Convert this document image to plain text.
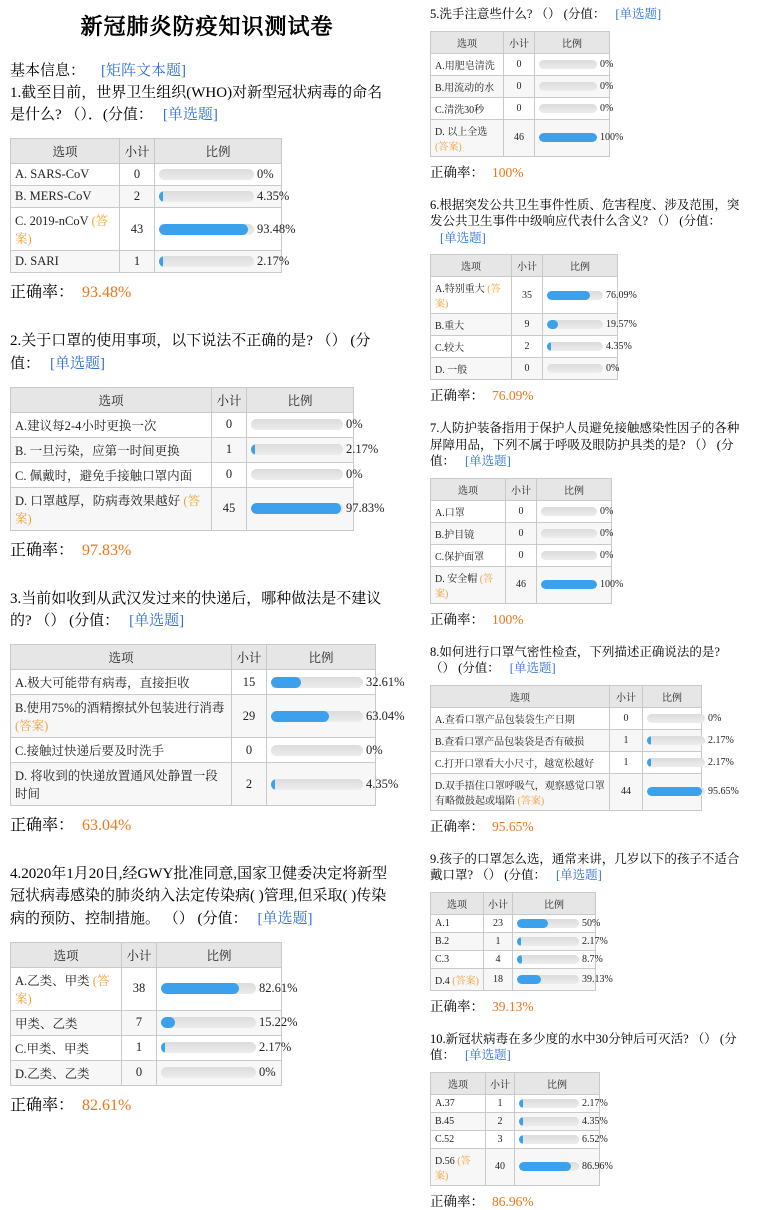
新冠肺炎防疫知识测试卷
基本信息： [矩阵文本题]
1.截至目前，世界卫生组织(WHO)对新型冠状病毒的命名是什么? （）．(分值： [单选题]
选项	小计	比例
A. SARS-CoV	0	0%

B. MERS-CoV	2	4.35%

C. 2019-nCoV (答案)	43	93.48%

D. SARI	1	2.17%
正确率： 93.48%
2.关于口罩的使用事项，以下说法不正确的是? （） (分值： [单选题]
选项	小计	比例
A.建议每2-4小时更换一次	0	0%

B. 一旦污染，应第一时间更换	1	2.17%

C. 佩戴时，避免手接触口罩内面	0	0%

D. 口罩越厚，防病毒效果越好 (答案)	45	97.83%
正确率： 97.83%
3.当前如收到从武汉发过来的快递后，哪种做法是不建议的? （） (分值： [单选题]
选项	小计	比例
A.极大可能带有病毒，直接拒收	15	32.61%

B.使用75%的酒精擦拭外包装进行消毒 (答案)	29	63.04%

C.接触过快递后要及时洗手	0	0%

D. 将收到的快递放置通风处静置一段时间	2	4.35%
正确率： 63.04%
4.2020年1月20日,经GWY批准同意,国家卫健委决定将新型冠状病毒感染的肺炎纳入法定传染病( )管理,但采取( )传染病的预防、控制措施。 （） (分值： [单选题]
选项	小计	比例
A.乙类、甲类 (答案)	38	82.61%

甲类、乙类	7	15.22%

C.甲类、甲类	1	2.17%

D.乙类、乙类	0	0%
正确率： 82.61%
5.洗手注意些什么? （） (分值： [单选题]
选项	小计	比例
A.用肥皂清洗	0	0%

B.用流动的水	0	0%

C.清洗30秒	0	0%

D. 以上全选 (答案)	46	100%
正确率： 100%
6.根据突发公共卫生事件性质、危害程度、涉及范围，突发公共卫生事件中级响应代表什么含义? （） (分值：[单选题]
选项	小计	比例
A.特别重大 (答案)	35	76.09%

B.重大	9	19.57%

C.较大	2	4.35%

D. 一般	0	0%
正确率： 76.09%
7.人防护装备指用于保护人员避免接触感染性因子的各种屏障用品，下列不属于呼吸及眼防护具类的是? （） (分值： [单选题]
选项	小计	比例
A.口罩	0	0%

B.护目镜	0	0%

C.保护面罩	0	0%

D. 安全帽 (答案)	46	100%
正确率： 100%
8.如何进行口罩气密性检查，下列描述正确说法的是? （） (分值： [单选题]
选项	小计	比例
A.查看口罩产品包装袋生产日期	0	0%

B.查看口罩产品包装袋是否有破损	1	2.17%

C.打开口罩看大小尺寸，越宽松越好	1	2.17%

D.双手捂住口罩呼吸气，观察感觉口罩有略微鼓起或塌陷 (答案)	44	95.65%
正确率： 95.65%
9.孩子的口罩怎么选，通常来讲，几岁以下的孩子不适合戴口罩? （） (分值： [单选题]
选项	小计	比例
A.1	23	50%

B.2	1	2.17%

C.3	4	8.7%

D.4 (答案)	18	39.13%
正确率： 39.13%
10.新冠状病毒在多少度的水中30分钟后可灭活? （） (分值： [单选题]
选项	小计	比例
A.37	1	2.17%

B.45	2	4.35%

C.52	3	6.52%

D.56 (答案)	40	86.96%
正确率： 86.96%
